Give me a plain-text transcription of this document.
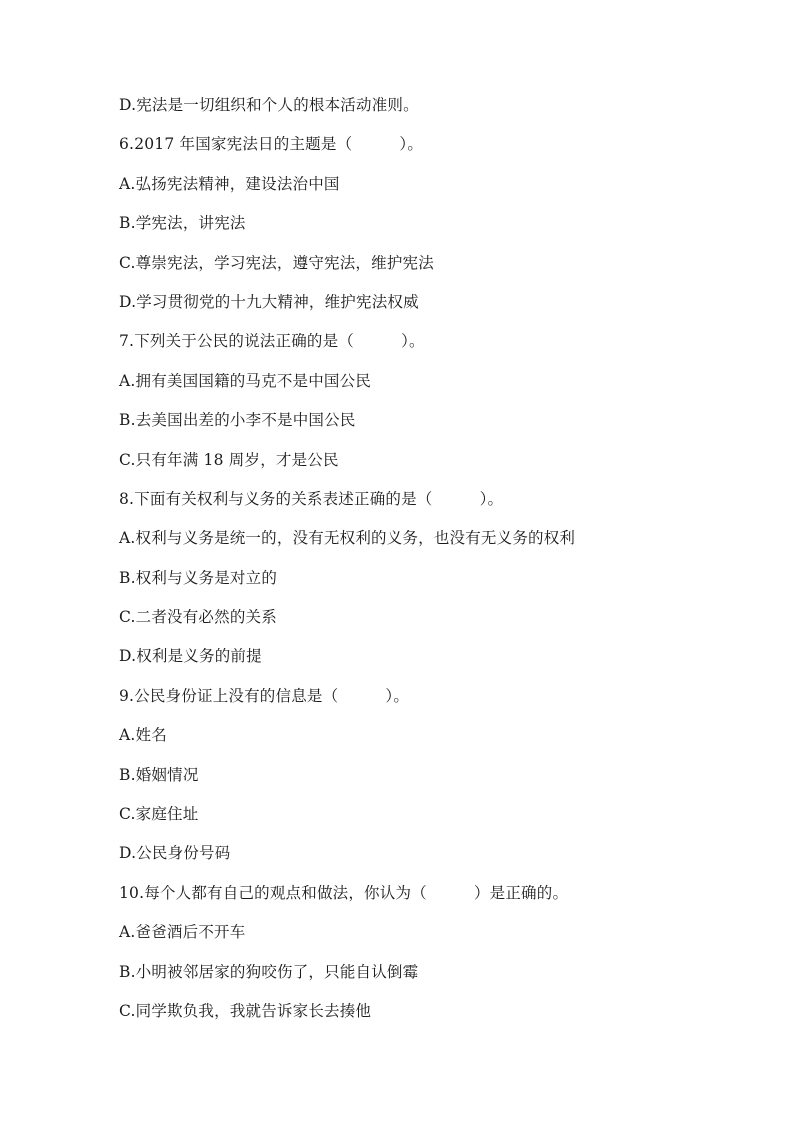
D.宪法是一切组织和个人的根本活动准则。
6.2017 年国家宪法日的主题是（　　　）。
A.弘扬宪法精神，建设法治中国
B.学宪法，讲宪法
C.尊崇宪法，学习宪法，遵守宪法，维护宪法
D.学习贯彻党的十九大精神，维护宪法权威
7.下列关于公民的说法正确的是（　　　）。
A.拥有美国国籍的马克不是中国公民
B.去美国出差的小李不是中国公民
C.只有年满 18 周岁，才是公民
8.下面有关权利与义务的关系表述正确的是（　　　）。
A.权利与义务是统一的，没有无权利的义务，也没有无义务的权利
B.权利与义务是对立的
C.二者没有必然的关系
D.权利是义务的前提
9.公民身份证上没有的信息是（　　　）。
A.姓名
B.婚姻情况
C.家庭住址
D.公民身份号码
10.每个人都有自己的观点和做法，你认为（　　　）是正确的。
A.爸爸酒后不开车
B.小明被邻居家的狗咬伤了，只能自认倒霉
C.同学欺负我，我就告诉家长去揍他
